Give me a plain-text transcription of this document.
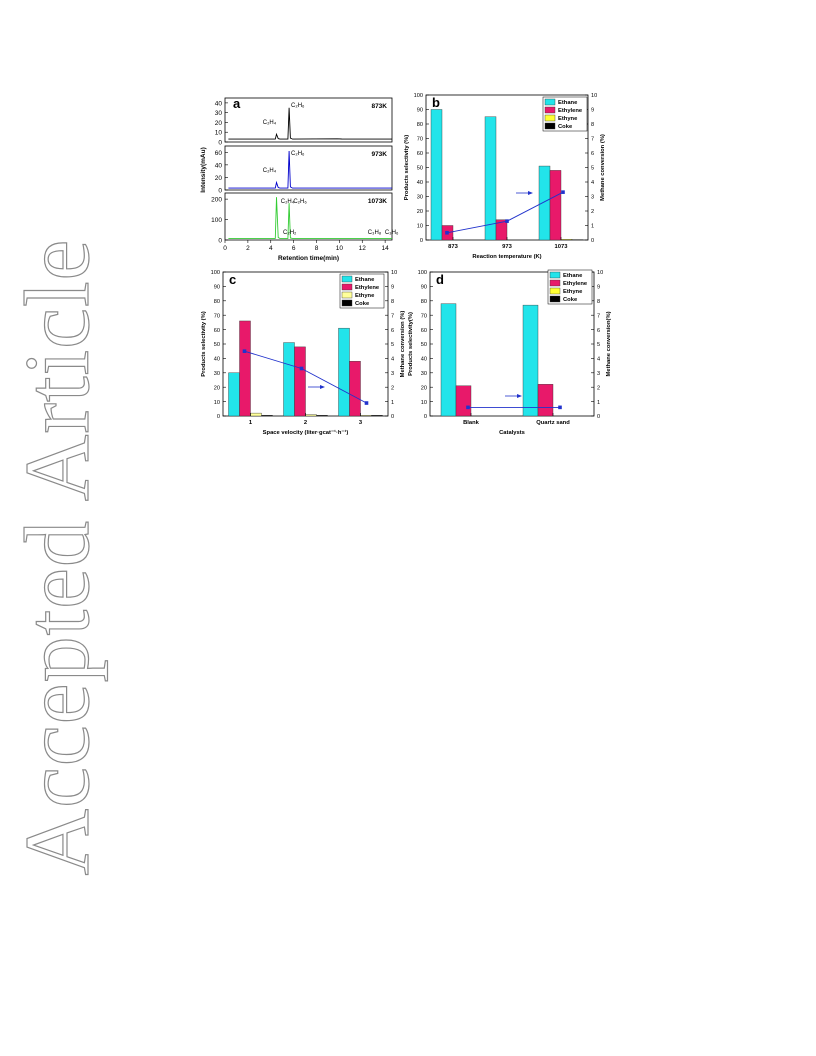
Accepted Article
a
0
10
20
30
40	873K
C₂H₆
C₂H₄
0
20
40
60	973K
C₂H₆
C₂H₄
0
100
200	1073K
C₂H₄ C₂H₆
C₂H₂	C₃H₈ C₃H₆
0	2	4	6	8	10 12 14
Retention time(min)
Intensity(mAu)
b
0
10
20
30
40
50
60
70
80
90
100
0
1
2
3
4
5
6
7
8
9
10
873	973	1073
Ethane
Ethylene
Ethyne
Coke
Reaction temperature (K)
Products selectivity (%)	Methane conversion (%)
c
0
10
20
30
40
50
60
70
80
90
100
0
1
2
3
4
5
6
7
8
9
10
1	2	3
Ethane
Ethylene
Ethyne
Coke
Space velocity (liter·gcat⁻¹·h⁻¹)
Products selectivity (%)	Methane conversion (%)
d
0
10
20
30
40
50
60
70
80
90
100
0
1
2
3
4
5
6
7
8
9
10
Blank	Quartz sand
Ethane
Ethylene
Ethyne
Coke
Catalysts
Products selectivity(%)	Methane conversion(%)
